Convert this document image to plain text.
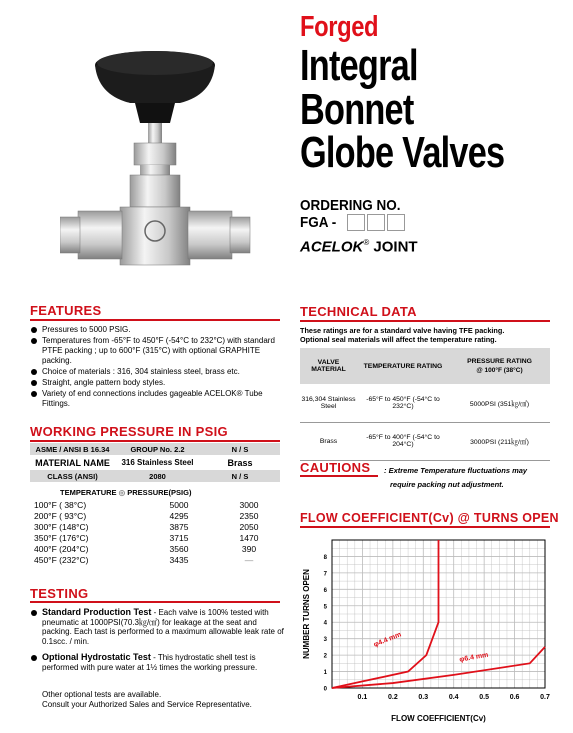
Forged
Integral
Bonnet
Globe Valves
ORDERING NO.
FGA -
ACELOK® JOINT
FEATURES
Pressures to 5000 PSIG.
Temperatures from -65°F to 450°F (-54°C to 232°C) with standard PTFE packing ; up to 600°F (315°C) with optional GRAPHITE packing.
Choice of materials : 316, 304 stainless steel, brass etc.
Straight, angle pattern body styles.
Variety of end connections includes gageable ACELOK® Tube Fittings.
WORKING PRESSURE IN PSIG
ASME / ANSI B 16.34	GROUP No. 2.2	N / S
MATERIAL NAME	316 Stainless Steel	Brass
CLASS (ANSI)	2080	N / S
TEMPERATURE ◎ PRESSURE(PSIG)
100°F ( 38°C)	5000	3000
200°F ( 93°C)	4295	2350
300°F (148°C)	3875	2050
350°F (176°C)	3715	1470
400°F (204°C)	3560	390
450°F (232°C)	3435	—
TESTING
Standard Production Test - Each valve is 100% tested with pneumatic at 1000PSI(70.3㎏/㎠) for leakage at the seat and packing. Each tast is performed to a maximum allowable leak rate of 0.1scc. / min.
Optional Hydrostatic Test - This hydrostatic shell test is performed with pure water at 1½ times the working pressure.
Other optional tests are available.
Consult your Authorized Sales and Service Representative.
TECHNICAL DATA
These ratings are for a standard valve having TFE packing.
Optional seal materials will affect the temperature rating.
VALVE MATERIAL	TEMPERATURE RATING	PRESSURE RATING
@ 100°F (38°C)

316,304 Stainless Steel	-65°F to 450°F (-54°C to 232°C)	5000PSI (351㎏/㎠)
Brass	-65°F to 400°F (-54°C to 204°C)	3000PSI (211㎏/㎠)
CAUTIONS : Extreme Temperature fluctuations may
require packing nut adjustment.
FLOW COEFFICIENT(Cv) @ TURNS OPEN
0.1	0.2	0.3	0.4	0.5	0.6	0.7
0
1
2
3
4
5
6
7
8
FLOW COEFFICIENT(Cv)
NUMBER TURNS OPEN	φ4.4 mm
φ6.4 mm
